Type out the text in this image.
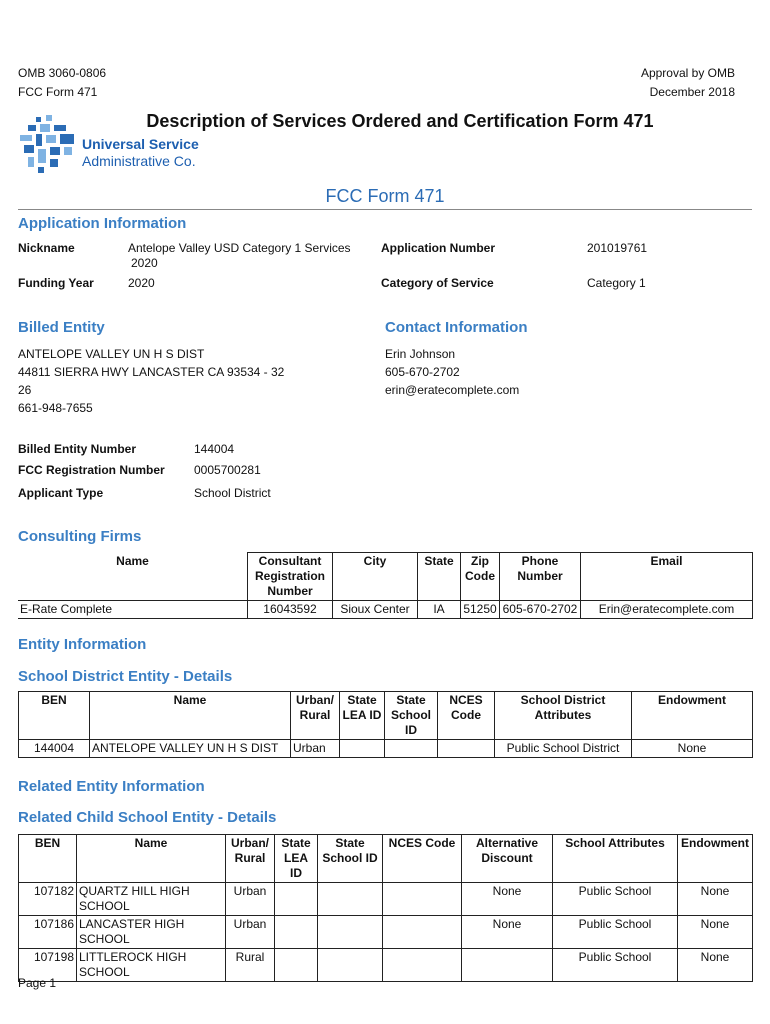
OMB 3060-0806
FCC Form 471
Approval by OMB
December 2018
Universal Service
Administrative Co.
Description of Services Ordered and Certification Form 471
FCC Form 471
Application Information
Nickname	Antelope Valley USD Category 1 Services
2020
Application Number	201019761
Funding Year	2020	Category of Service	Category 1
Billed Entity
ANTELOPE VALLEY UN H S DIST
44811 SIERRA HWY LANCASTER CA 93534 - 32
26
661-948-7655
Contact Information
Erin Johnson
605-670-2702
erin@eratecomplete.com
Billed Entity Number	144004
FCC Registration Number 0005700281
Applicant Type	School District
Consulting Firms
Name	Consultant Registration Number	City	State	Zip Code	Phone Number	Email
E-Rate Complete	16043592	Sioux Center	IA	51250	605-670-2702	Erin@eratecomplete.com
Entity Information
School District Entity - Details
BEN	Name	Urban/ Rural	State LEA ID	State School ID	NCES Code	School District Attributes	Endowment
144004	ANTELOPE VALLEY UN H S DIST	Urban				Public School District	None
Related Entity Information
Related Child School Entity - Details
BEN	Name	Urban/ Rural	State LEA ID	State School ID	NCES Code	Alternative Discount	School Attributes	Endowment
107182	QUARTZ HILL HIGH SCHOOL	Urban				None	Public School	None
107186	LANCASTER HIGH SCHOOL	Urban				None	Public School	None
107198	LITTLEROCK HIGH SCHOOL	Rural					Public School	None
Page 1
